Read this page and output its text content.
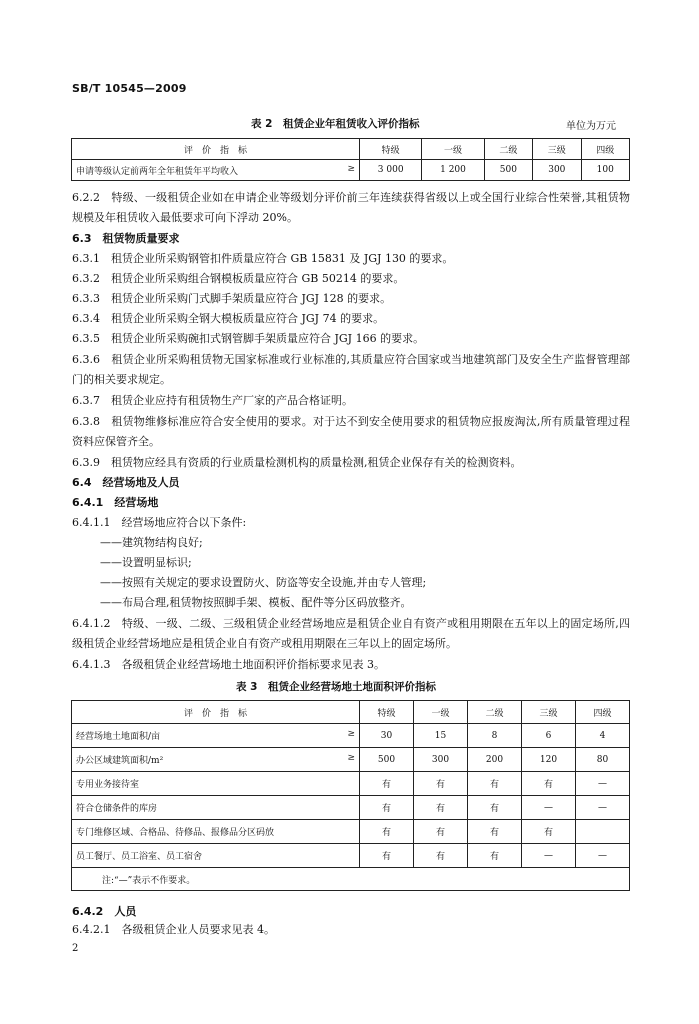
SB/T 10545—2009
表 2　租赁企业年租赁收入评价指标	单位为万元
评　价　指　标	特级	一级	二级	三级	四级
申请等级认定前两年全年租赁年平均收入 ≥	3 000	1 200	500	300	100
6.2.2　特级、一级租赁企业如在申请企业等级划分评价前三年连续获得省级以上或全国行业综合性荣誉,其租赁物规模及年租赁收入最低要求可向下浮动 20%。
6.3　租赁物质量要求
6.3.1　租赁企业所采购钢管扣件质量应符合 GB 15831 及 JGJ 130 的要求。
6.3.2　租赁企业所采购组合钢模板质量应符合 GB 50214 的要求。
6.3.3　租赁企业所采购门式脚手架质量应符合 JGJ 128 的要求。
6.3.4　租赁企业所采购全钢大模板质量应符合 JGJ 74 的要求。
6.3.5　租赁企业所采购碗扣式钢管脚手架质量应符合 JGJ 166 的要求。
6.3.6　租赁企业所采购租赁物无国家标准或行业标准的,其质量应符合国家或当地建筑部门及安全生产监督管理部门的相关要求规定。
6.3.7　租赁企业应持有租赁物生产厂家的产品合格证明。
6.3.8　租赁物维修标准应符合安全使用的要求。对于达不到安全使用要求的租赁物应报废淘汰,所有质量管理过程资料应保管齐全。
6.3.9　租赁物应经具有资质的行业质量检测机构的质量检测,租赁企业保存有关的检测资料。
6.4　经营场地及人员
6.4.1　经营场地
6.4.1.1　经营场地应符合以下条件:
——建筑物结构良好;
——设置明显标识;
——按照有关规定的要求设置防火、防盗等安全设施,并由专人管理;
——布局合理,租赁物按照脚手架、模板、配件等分区码放整齐。
6.4.1.2　特级、一级、二级、三级租赁企业经营场地应是租赁企业自有资产或租用期限在五年以上的固定场所,四级租赁企业经营场地应是租赁企业自有资产或租用期限在三年以上的固定场所。
6.4.1.3　各级租赁企业经营场地土地面积评价指标要求见表 3。
表 3　租赁企业经营场地土地面积评价指标
评　价　指　标	特级	一级	二级	三级	四级
经营场地土地面积/亩 ≥	30	15	8	6	4
办公区域建筑面积/m² ≥	500	300	200	120	80
专用业务接待室	有	有	有	有	—
符合仓储条件的库房	有	有	有	—	—
专门维修区域、合格品、待修品、报修品分区码放	有	有	有	有	
员工餐厅、员工浴室、员工宿舍	有	有	有	—	—
注:“—”表示不作要求。					
6.4.2　人员
6.4.2.1　各级租赁企业人员要求见表 4。
2
